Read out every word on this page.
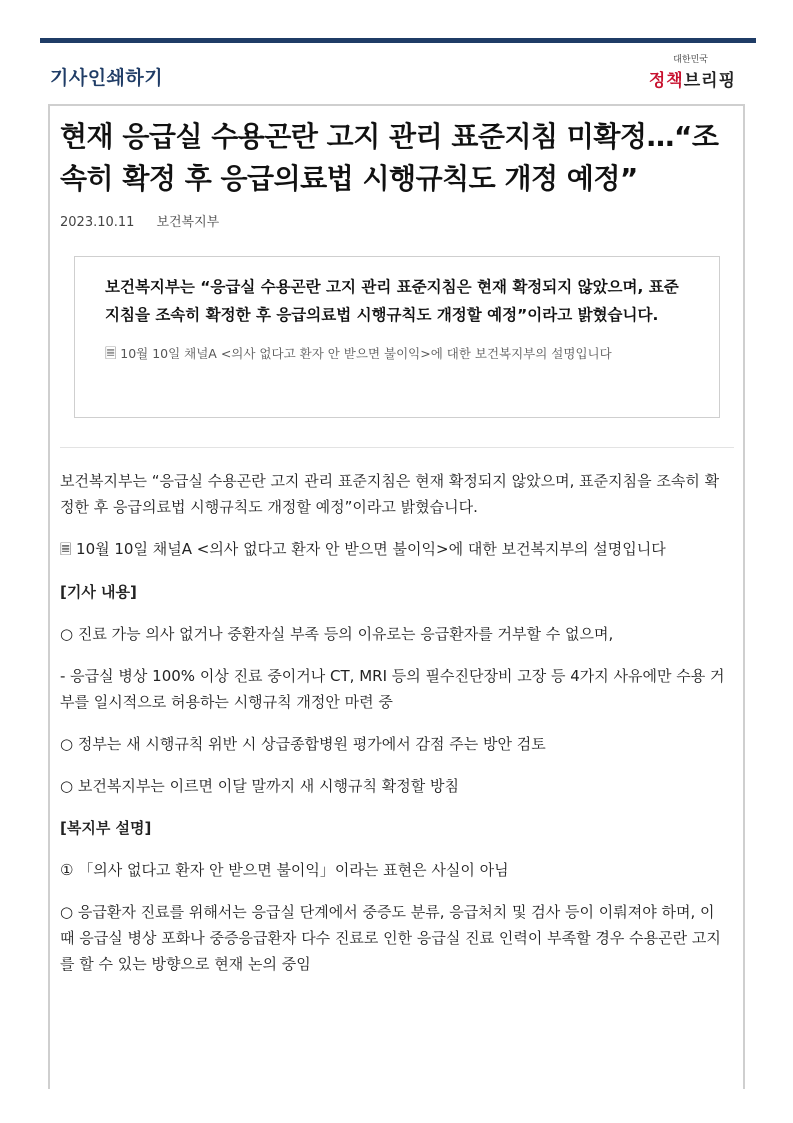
기사인쇄하기
대한민국
정책브리핑
현재 응급실 수용곤란 고지 관리 표준지침 미확정…“조속히 확정 후 응급의료법 시행규칙도 개정 예정”
2023.10.11 보건복지부

보건복지부는 “응급실 수용곤란 고지 관리 표준지침은 현재 확정되지 않았으며, 표준지침을 조속히 확정한 후 응급의료법 시행규칙도 개정할 예정”이라고 밝혔습니다.

🗏 10월 10일 채널A <의사 없다고 환자 안 받으면 불이익>에 대한 보건복지부의 설명입니다

보건복지부는 “응급실 수용곤란 고지 관리 표준지침은 현재 확정되지 않았으며, 표준지침을 조속히 확정한 후 응급의료법 시행규칙도 개정할 예정”이라고 밝혔습니다.

🗏 10월 10일 채널A <의사 없다고 환자 안 받으면 불이익>에 대한 보건복지부의 설명입니다

[기사 내용]

○ 진료 가능 의사 없거나 중환자실 부족 등의 이유로는 응급환자를 거부할 수 없으며,

- 응급실 병상 100% 이상 진료 중이거나 CT, MRI 등의 필수진단장비 고장 등 4가지 사유에만 수용 거부를 일시적으로 허용하는 시행규칙 개정안 마련 중

○ 정부는 새 시행규칙 위반 시 상급종합병원 평가에서 감점 주는 방안 검토

○ 보건복지부는 이르면 이달 말까지 새 시행규칙 확정할 방침

[복지부 설명]

① 「의사 없다고 환자 안 받으면 불이익」이라는 표현은 사실이 아님

○ 응급환자 진료를 위해서는 응급실 단계에서 중증도 분류, 응급처치 및 검사 등이 이뤄져야 하며, 이 때 응급실 병상 포화나 중증응급환자 다수 진료로 인한 응급실 진료 인력이 부족할 경우 수용곤란 고지를 할 수 있는 방향으로 현재 논의 중임
